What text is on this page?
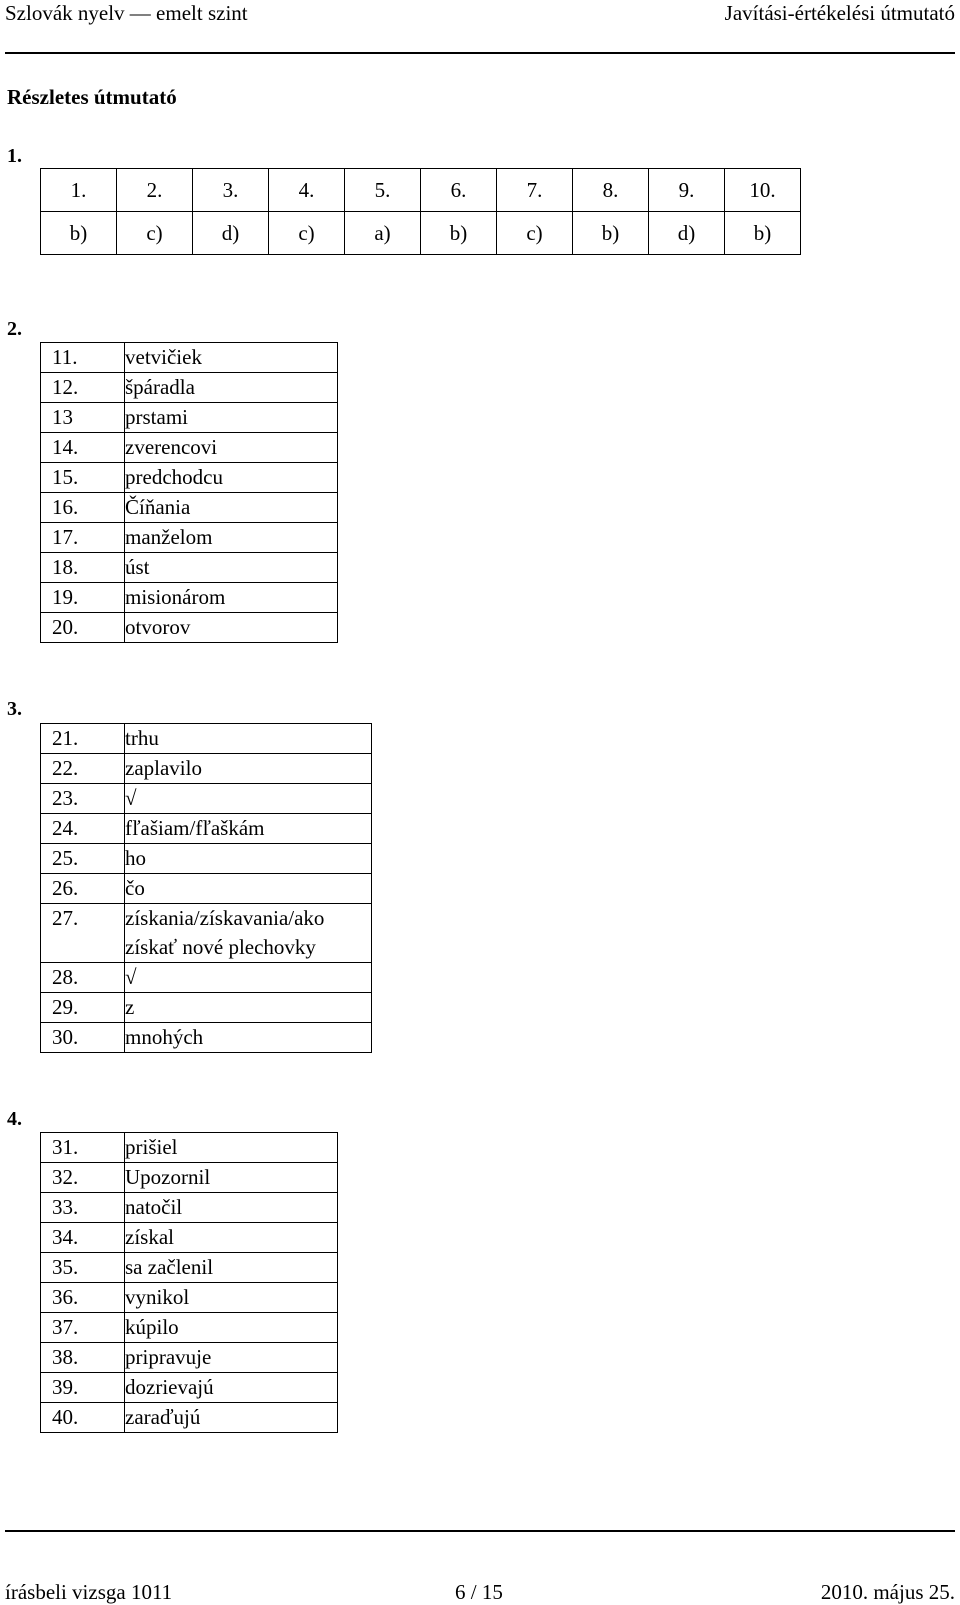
Szlovák nyelv — emelt szint	Javítási-értékelési útmutató
Részletes útmutató
1.
1.	2.	3.	4.	5.	6.	7.	8.	9.	10.
b)	c)	d)	c)	a)	b)	c)	b)	d)	b)
2.
11.	vetvičiek
12.	špáradla
13	prstami
14.	zverencovi
15.	predchodcu
16.	Číňania
17.	manželom
18.	úst
19.	misionárom
20.	otvorov
3.
21.	trhu
22.	zaplavilo
23.	√
24.	fľašiam/fľaškám
25.	ho
26.	čo
27.	získania/získavania/ako
získať nové plechovky

28.	√
29.	z
30.	mnohých
4.
31.	prišiel
32.	Upozornil
33.	natočil
34.	získal
35.	sa začlenil
36.	vynikol
37.	kúpilo
38.	pripravuje
39.	dozrievajú
40.	zaraďujú
írásbeli vizsga 1011	6 / 15	2010. május 25.
